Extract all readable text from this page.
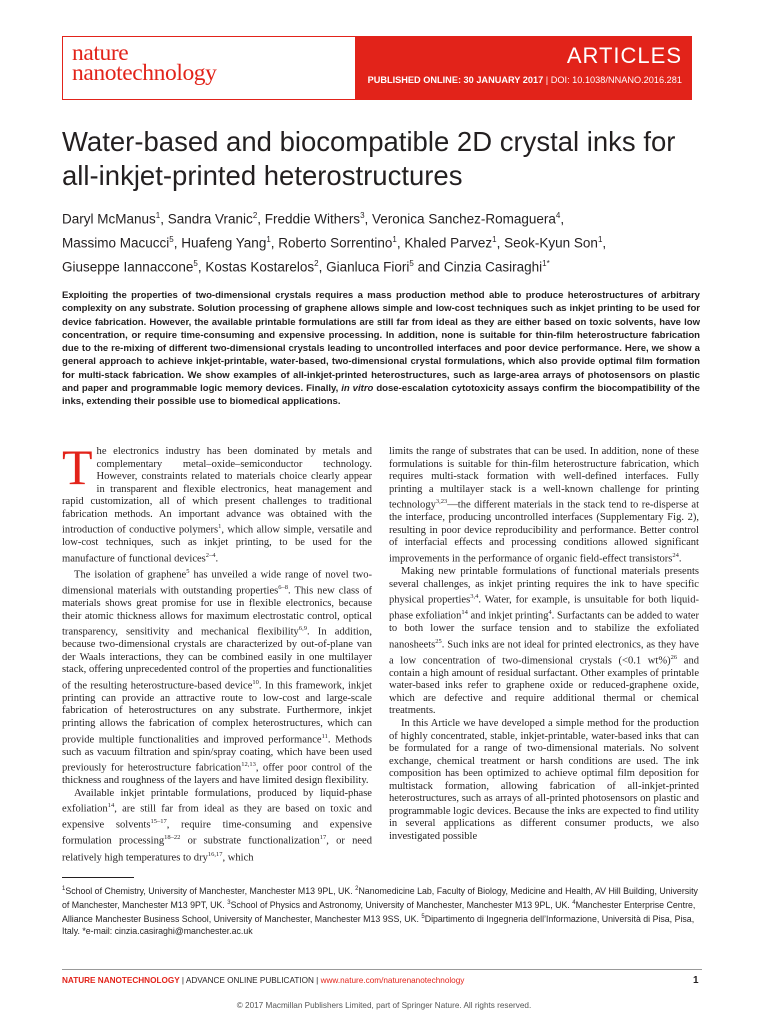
nature
nanotechnology
ARTICLES
PUBLISHED ONLINE: 30 JANUARY 2017 | DOI: 10.1038/NNANO.2016.281
Water-based and biocompatible 2D crystal inks for
all-inkjet-printed heterostructures
Daryl McManus$^1$, Sandra Vranic$^2$, Freddie Withers$^3$, Veronica Sanchez-Romaguera$^4$,
Massimo Macucci$^5$, Huafeng Yang$^1$, Roberto Sorrentino$^1$, Khaled Parvez$^1$, Seok-Kyun Son$^1$,
Giuseppe Iannaccone$^5$, Kostas Kostarelos$^2$, Gianluca Fiori$^5$ and Cinzia Casiraghi$^{1*}$

Exploiting the properties of two-dimensional crystals requires a mass production method able to produce heterostructures of arbitrary complexity on any substrate. Solution processing of graphene allows simple and low-cost techniques such as inkjet printing to be used for device fabrication. However, the available printable formulations are still far from ideal as they are either based on toxic solvents, have low concentration, or require time-consuming and expensive processing. In addition, none is suitable for thin-film heterostructure fabrication due to the re-mixing of different two-dimensional crystals leading to uncontrolled interfaces and poor device performance. Here, we show a general approach to achieve inkjet-printable, water-based, two-dimensional crystal formulations, which also provide optimal film formation for multi-stack fabrication. We show examples of all-inkjet-printed heterostructures, such as large-area arrays of photosensors on plastic and paper and programmable logic memory devices. Finally, in vitro dose-escalation cytotoxicity assays confirm the biocompatibility of the inks, extending their possible use to biomedical applications.

The electronics industry has been dominated by metals and complementary metal–oxide–semiconductor technology. However, constraints related to materials choice clearly appear in transparent and flexible electronics, heat management and rapid customization, all of which present challenges to traditional fabrication methods. An important advance was obtained with the introduction of conductive polymers$^1$, which allow simple, versatile and low-cost techniques, such as inkjet printing, to be used for the manufacture of functional devices$^{2-4}$.

The isolation of graphene$^5$ has unveiled a wide range of novel two-dimensional materials with outstanding properties$^{6-8}$. This new class of materials shows great promise for use in flexible electronics, because their atomic thickness allows for maximum electrostatic control, optical transparency, sensitivity and mechanical flexibility$^{6,9}$. In addition, because two-dimensional crystals are characterized by out-of-plane van der Waals interactions, they can be combined easily in one multilayer stack, offering unprecedented control of the properties and functionalities of the resulting heterostructure-based device$^{10}$. In this framework, inkjet printing can provide an attractive route to low-cost and large-scale fabrication of heterostructures on any substrate. Furthermore, inkjet printing allows the fabrication of complex heterostructures, which can provide multiple functionalities and improved performance$^{11}$. Methods such as vacuum filtration and spin/spray coating, which have been used previously for heterostructure fabrication$^{12,13}$, offer poor control of the thickness and roughness of the layers and have limited design flexibility.

Available inkjet printable formulations, produced by liquid-phase exfoliation$^{14}$, are still far from ideal as they are based on toxic and expensive solvents$^{15-17}$, require time-consuming and expensive formulation processing$^{18-22}$ or substrate functionalization$^{17}$, or need relatively high temperatures to dry$^{16,17}$, which

limits the range of substrates that can be used. In addition, none of these formulations is suitable for thin-film heterostructure fabrication, which requires multi-stack formation with well-defined interfaces. Fully printing a multilayer stack is a well-known challenge for printing technology$^{3,23}$—the different materials in the stack tend to re-disperse at the interface, producing uncontrolled interfaces (Supplementary Fig. 2), resulting in poor device reproducibility and performance. Better control of interfacial effects and processing conditions allowed significant improvements in the performance of organic field-effect transistors$^{24}$.

Making new printable formulations of functional materials presents several challenges, as inkjet printing requires the ink to have specific physical properties$^{3,4}$. Water, for example, is unsuitable for both liquid-phase exfoliation$^{14}$ and inkjet printing$^4$. Surfactants can be added to water to both lower the surface tension and to stabilize the exfoliated nanosheets$^{25}$. Such inks are not ideal for printed electronics, as they have a low concentration of two-dimensional crystals (<0.1 wt%)$^{26}$ and contain a high amount of residual surfactant. Other examples of printable water-based inks refer to graphene oxide or reduced-graphene oxide, which are defective and require additional thermal or chemical treatments.

In this Article we have developed a simple method for the production of highly concentrated, stable, inkjet-printable, water-based inks that can be formulated for a range of two-dimensional materials. No solvent exchange, chemical treatment or harsh conditions are used. The ink composition has been optimized to achieve optimal film deposition for multistack formation, allowing fabrication of all-inkjet-printed heterostructures, such as arrays of all-printed photosensors on plastic and programmable logic devices. Because the inks are expected to find utility in several applications as different consumer products, we also investigated possible

$^1$School of Chemistry, University of Manchester, Manchester M13 9PL, UK. $^2$Nanomedicine Lab, Faculty of Biology, Medicine and Health, AV Hill Building, University of Manchester, Manchester M13 9PT, UK. $^3$School of Physics and Astronomy, University of Manchester, Manchester M13 9PL, UK. $^4$Manchester Enterprise Centre, Alliance Manchester Business School, University of Manchester, Manchester M13 9SS, UK. $^5$Dipartimento di Ingegneria dell’Informazione, Università di Pisa, Pisa, Italy. *e-mail: cinzia.casiraghi@manchester.ac.uk

NATURE NANOTECHNOLOGY | ADVANCE ONLINE PUBLICATION | www.nature.com/naturenanotechnology	1
© 2017 Macmillan Publishers Limited, part of Springer Nature. All rights reserved.
